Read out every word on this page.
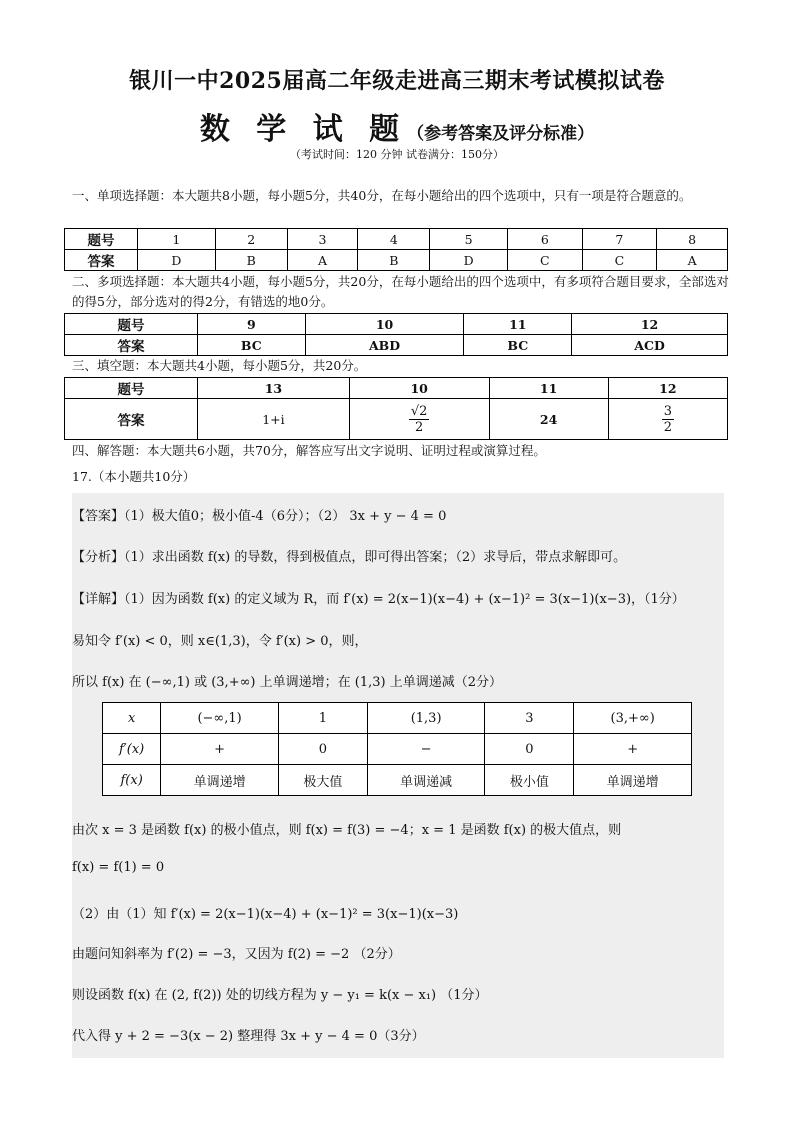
银川一中2025届高二年级走进高三期末考试模拟试卷
数 学 试 题（参考答案及评分标准）
（考试时间：120 分钟 试卷满分：150分）
一、单项选择题：本大题共8小题，每小题5分，共40分，在每小题给出的四个选项中，只有一项是符合题意的。
题号	1	2	3	4	5	6	7	8
答案	D	B	A	B	D	C	C	A
二、多项选择题：本大题共4小题，每小题5分，共20分，在每小题给出的四个选项中，有多项符合题目要求，全部选对的得5分，部分选对的得2分，有错选的地0分。
题号	9	10	11	12
答案	BC	ABD	BC	ACD
三、填空题：本大题共4小题，每小题5分，共20分。
题号	13	10	11	12
答案	1+i	$\frac{√2}{2}$	24	$\frac{3}{2}$
四、解答题：本大题共6小题，共70分，解答应写出文字说明、证明过程或演算过程。
17.（本小题共10分）
【答案】（1）极大值0；极小值-4（6分）；（2） 3x + y − 4 = 0
【分析】（1）求出函数 f(x) 的导数，得到极值点，即可得出答案；（2）求导后，带点求解即可。
【详解】（1）因为函数 f(x) 的定义域为 R，而 f′(x) = 2(x−1)(x−4) + (x−1)² = 3(x−1)(x−3)，（1分）
易知令 f′(x) < 0，则 x∈(1,3)，令 f′(x) > 0，则，
所以 f(x) 在 (−∞,1) 或 (3,+∞) 上单调递增；在 (1,3) 上单调递减（2分）
x	(−∞,1)	1	(1,3)	3	(3,+∞)
f′(x)	+	0	−	0	+
f(x)	单调递增	极大值	单调递减	极小值	单调递增
由次 x = 3 是函数 f(x) 的极小值点，则 f(x) = f(3) = −4；x = 1 是函数 f(x) 的极大值点，则
f(x) = f(1) = 0
（2）由（1）知 f′(x) = 2(x−1)(x−4) + (x−1)² = 3(x−1)(x−3)
由题问知斜率为 f′(2) = −3，又因为 f(2) = −2 （2分）
则设函数 f(x) 在 (2, f(2)) 处的切线方程为 y − y₁ = k(x − x₁) （1分）
代入得 y + 2 = −3(x − 2) 整理得 3x + y − 4 = 0（3分）
